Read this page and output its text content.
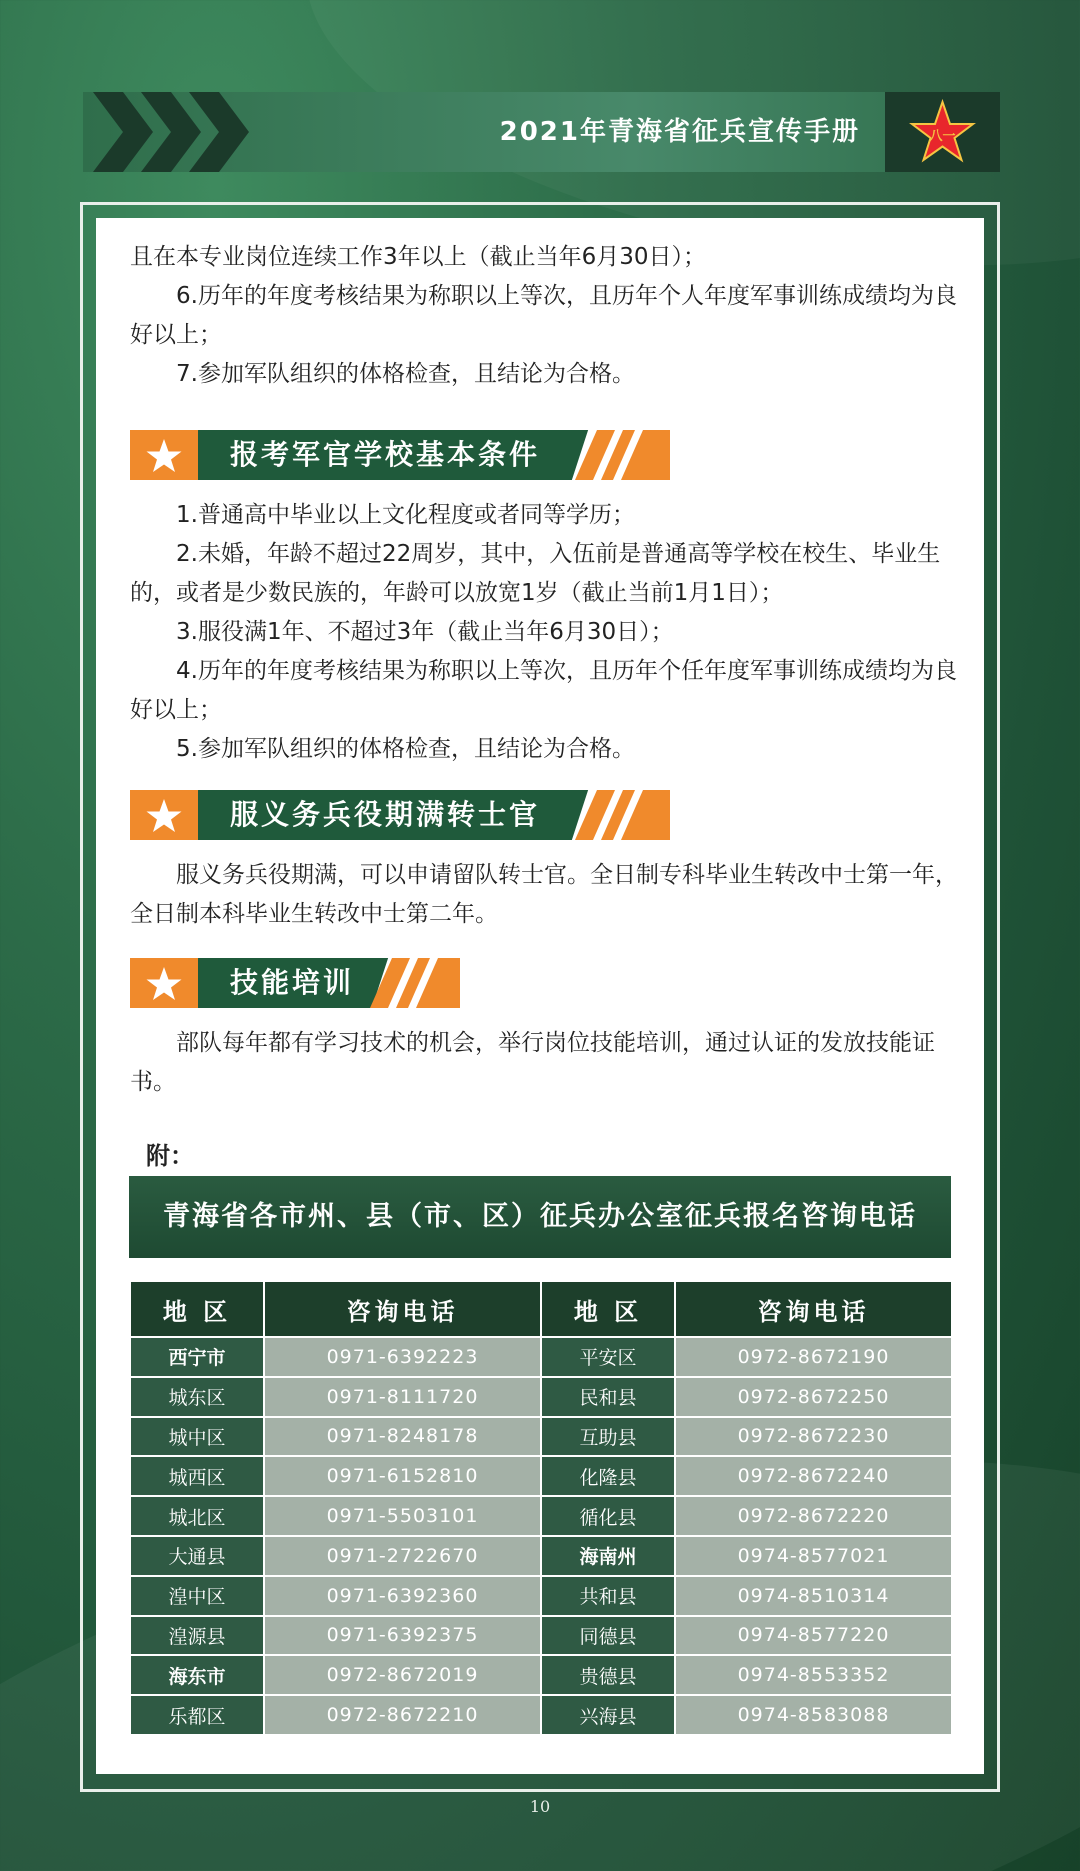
2021年青海省征兵宣传手册	八一

且在本专业岗位连续工作3年以上（截止当年6月30日）；

6.历年的年度考核结果为称职以上等次，且历年个人年度军事训练成绩均为良好以上；

7.参加军队组织的体格检查，且结论为合格。

报考军官学校基本条件

1.普通高中毕业以上文化程度或者同等学历；

2.未婚，年龄不超过22周岁，其中，入伍前是普通高等学校在校生、毕业生的，或者是少数民族的，年龄可以放宽1岁（截止当前1月1日）；

3.服役满1年、不超过3年（截止当年6月30日）；

4.历年的年度考核结果为称职以上等次，且历年个任年度军事训练成绩均为良好以上；

5.参加军队组织的体格检查，且结论为合格。

服义务兵役期满转士官

服义务兵役期满，可以申请留队转士官。全日制专科毕业生转改中士第一年，全日制本科毕业生转改中士第二年。

技能培训

部队每年都有学习技术的机会，举行岗位技能培训，通过认证的发放技能证书。

附：
青海省各市州、县（市、区）征兵办公室征兵报名咨询电话
地 区	咨询电话	地 区	咨询电话
西宁市	0971-6392223	平安区	0972-8672190
城东区	0971-8111720	民和县	0972-8672250
城中区	0971-8248178	互助县	0972-8672230
城西区	0971-6152810	化隆县	0972-8672240
城北区	0971-5503101	循化县	0972-8672220
大通县	0971-2722670	海南州	0974-8577021
湟中区	0971-6392360	共和县	0974-8510314
湟源县	0971-6392375	同德县	0974-8577220
海东市	0972-8672019	贵德县	0974-8553352
乐都区	0972-8672210	兴海县	0974-8583088
10
